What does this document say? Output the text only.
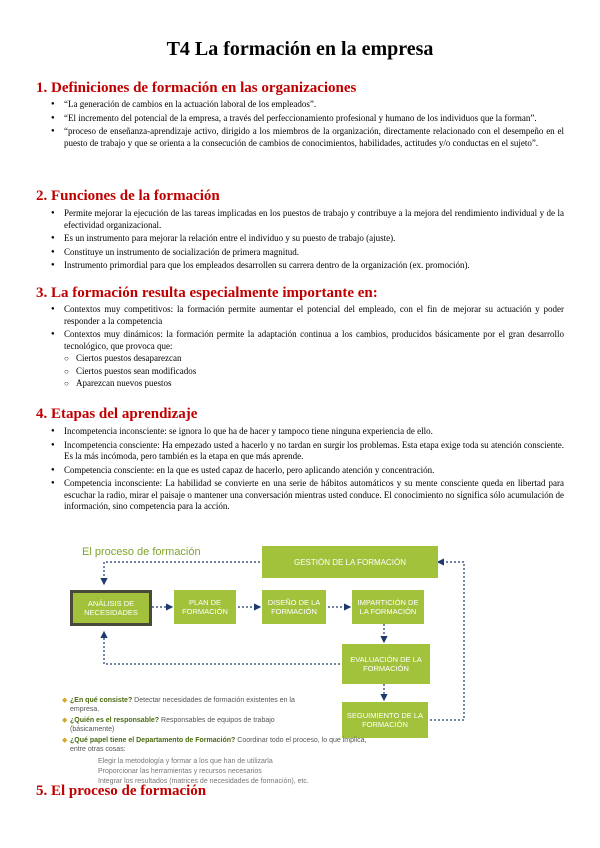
T4 La formación en la empresa
1. Definiciones de formación en las organizaciones
● “La generación de cambios en la actuación laboral de los empleados”.
● “El incremento del potencial de la empresa, a través del perfeccionamiento profesional y humano de los individuos que la forman”.
● “proceso de enseñanza-aprendizaje activo, dirigido a los miembros de la organización, directamente relacionado con el desempeño en el puesto de trabajo y que se orienta a la consecución de cambios de conocimientos, habilidades, actitudes y/o conductas en el sujeto”.
2. Funciones de la formación
● Permite mejorar la ejecución de las tareas implicadas en los puestos de trabajo y contribuye a la mejora del rendimiento individual y de la efectividad organizacional.
● Es un instrumento para mejorar la relación entre el individuo y su puesto de trabajo (ajuste).
● Constituye un instrumento de socialización de primera magnitud.
● Instrumento primordial para que los empleados desarrollen su carrera dentro de la organización (ex. promoción).
3. La formación resulta especialmente importante en:
● Contextos muy competitivos: la formación permite aumentar el potencial del empleado, con el fin de mejorar su actuación y poder responder a la competencia
● Contextos muy dinámicos: la formación permite la adaptación continua a los cambios, producidos básicamente por el gran desarrollo tecnológico, que provoca que:
○ Ciertos puestos desaparezcan
○ Ciertos puestos sean modificados
○ Aparezcan nuevos puestos
4. Etapas del aprendizaje
● Incompetencia inconsciente: se ignora lo que ha de hacer y tampoco tiene ninguna experiencia de ello.
● Incompetencia consciente: Ha empezado usted a hacerlo y no tardan en surgir los problemas. Esta etapa exige toda su atención consciente. Es la más incómoda, pero también es la etapa en que más aprende.
● Competencia consciente: en la que es usted capaz de hacerlo, pero aplicando atención y concentración.
● Competencia inconsciente: La habilidad se convierte en una serie de hábitos automáticos y su mente consciente queda en libertad para escuchar la radio, mirar el paisaje o mantener una conversación mientras usted conduce. El conocimiento no significa sólo acumulación de información, sino competencia para la acción.
El proceso de formación
GESTIÓN DE LA FORMACIÓN
ANÁLISIS DE NECESIDADES
PLAN DE FORMACIÓN
DISEÑO DE LA FORMACIÓN
IMPARTICIÓN DE LA FORMACIÓN
EVALUACIÓN DE LA FORMACIÓN
SEGUIMIENTO DE LA FORMACIÓN
◆ ¿En qué consiste? Detectar necesidades de formación existentes en la empresa.
◆ ¿Quién es el responsable? Responsables de equipos de trabajo (básicamente)
◆ ¿Qué papel tiene el Departamento de Formación? Coordinar todo el proceso, lo que implica, entre otras cosas:
Elegir la metodología y formar a los que han de utilizarla
Proporcionar las herramientas y recursos necesarios
Integrar los resultados (matrices de necesidades de formación), etc.
5. El proceso de formación
